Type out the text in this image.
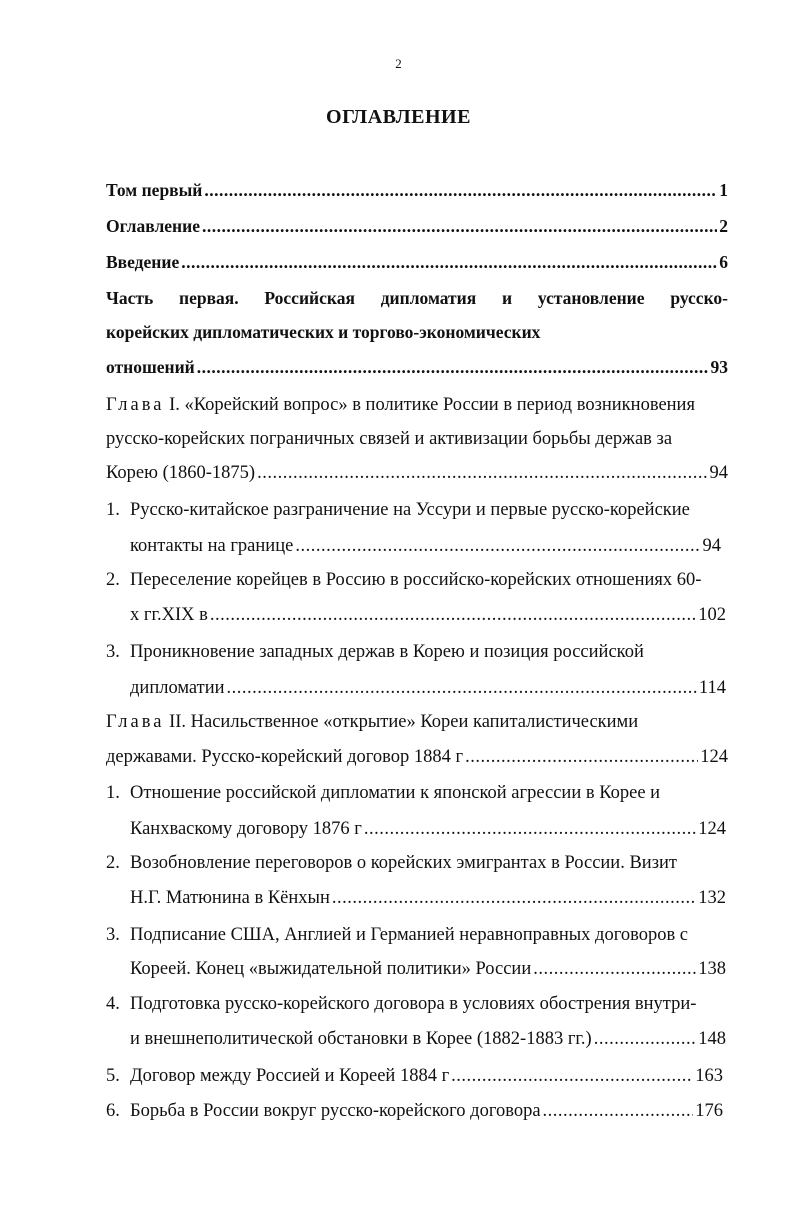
2
ОГЛАВЛЕНИЕ
Том первый .....	1
Оглавление .....	2
Введение .....	6
Часть первая. Российская дипломатия и установление русско-
корейских дипломатических и торгово-экономических
отношений .....	93
Глава I. «Корейский вопрос» в политике России в период возникновения
русско-корейских пограничных связей и активизации борьбы держав за
Корею (1860-1875) .....	94
1. Русско-китайское разграничение на Уссури и первые русско-корейские
контакты на границе .....	94
2. Переселение корейцев в Россию в российско-корейских отношениях 60-
х гг.XIX в .....	102
3. Проникновение западных держав в Корею и позиция российской
дипломатии .....	114
Глава II. Насильственное «открытие» Кореи капиталистическими
державами. Русско-корейский договор 1884 г .....	124
1. Отношение российской дипломатии к японской агрессии в Корее и
Канхваскому договору 1876 г .....	124
2. Возобновление переговоров о корейских эмигрантах в России. Визит
Н.Г. Матюнина в Кёнхын .....	132
3. Подписание США, Англией и Германией неравноправных договоров с
Кореей. Конец «выжидательной политики» России .....	138
4. Подготовка русско-корейского договора в условиях обострения внутри-
и внешнеполитической обстановки в Корее (1882-1883 гг.) .....	148
5. Договор между Россией и Кореей 1884 г .....	163
6. Борьба в России вокруг русско-корейского договора .....	176
